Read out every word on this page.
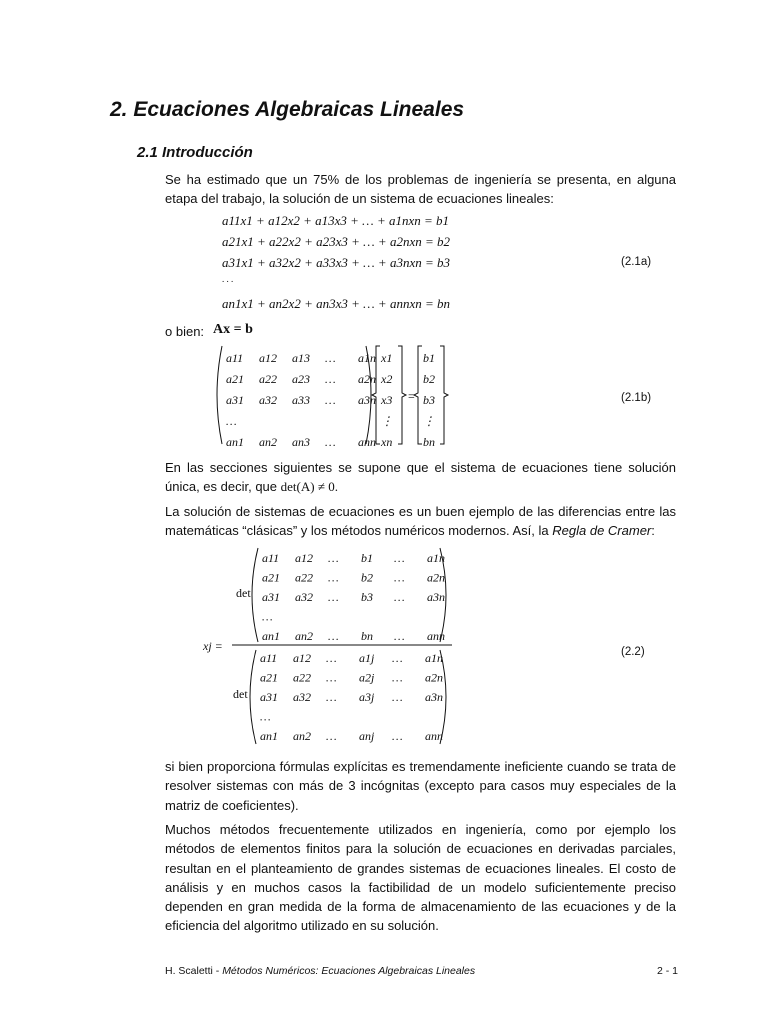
2. Ecuaciones Algebraicas Lineales
2.1 Introducción
Se ha estimado que un 75% de los problemas de ingeniería se presenta, en alguna etapa del trabajo, la solución de un sistema de ecuaciones lineales:
a11x1 + a12x2 + a13x3 + … + a1nxn = b1
a21x1 + a22x2 + a23x3 + … + a2nxn = b2
a31x1 + a32x2 + a33x3 + … + a3nxn = b3
. . .
an1x1 + an2x2 + an3x3 + … + annxn = bn
(2.1a)
o bien: Ax = b
=
a11 a12 a13 … a1n
a21 a22 a23 … a2n
a31 a32 a33 … a3n
…
an1 an2 an3 … ann
x1
x2
x3
⋮
xn
b1
b2
b3
⋮
bn
xj =
det
det
a11 a12 … b1 … a1n
a21 a22 … b2 … a2n
a31 a32 … b3 … a3n
…
an1 an2 … bn … ann
a11 a12 … a1j … a1n
a21 a22 … a2j … a2n
a31 a32 … a3j … a3n
…
an1 an2 … anj … ann
(2.1b)
(2.2)
En las secciones siguientes se supone que el sistema de ecuaciones tiene solución única, es decir, que det(A) ≠ 0.
La solución de sistemas de ecuaciones es un buen ejemplo de las diferencias entre las matemáticas “clásicas” y los métodos numéricos modernos. Así, la Regla de Cramer:
si bien proporciona fórmulas explícitas es tremendamente ineficiente cuando se trata de resolver sistemas con más de 3 incógnitas (excepto para casos muy especiales de la matriz de coeficientes).
Muchos métodos frecuentemente utilizados en ingeniería, como por ejemplo los métodos de elementos finitos para la solución de ecuaciones en derivadas parciales, resultan en el planteamiento de grandes sistemas de ecuaciones lineales. El costo de análisis y en muchos casos la factibilidad de un modelo suficientemente preciso dependen en gran medida de la forma de almacenamiento de las ecuaciones y de la eficiencia del algoritmo utilizado en su solución.
H. Scaletti - Métodos Numéricos: Ecuaciones Algebraicas Lineales	2 - 1
